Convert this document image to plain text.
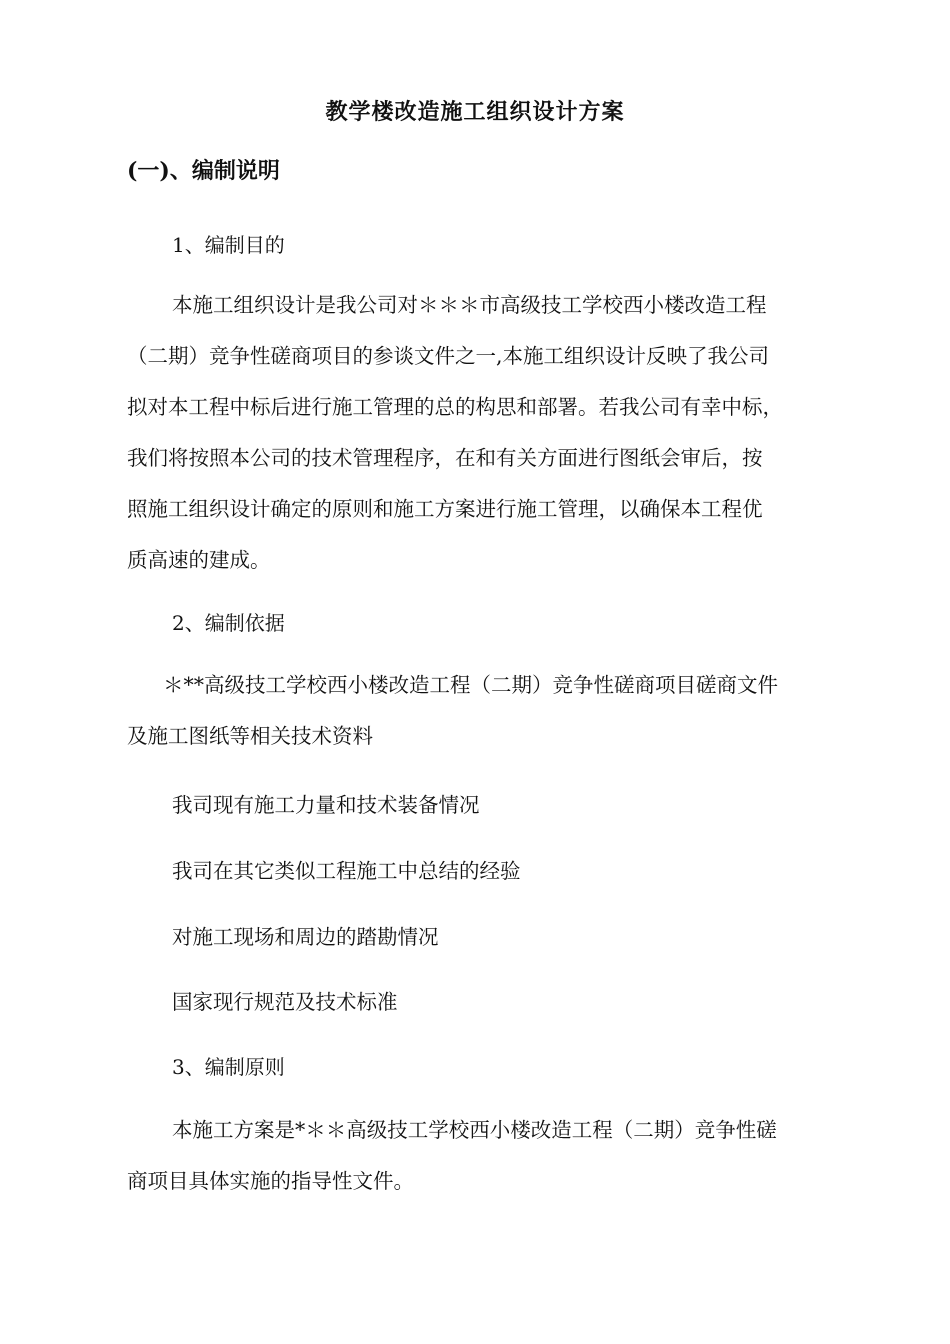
教学楼改造施工组织设计方案
(一)、编制说明
1、编制目的
本施工组织设计是我公司对＊＊＊市高级技工学校西小楼改造工程
（二期）竞争性磋商项目的参谈文件之一,本施工组织设计反映了我公司
拟对本工程中标后进行施工管理的总的构思和部署。若我公司有幸中标，
我们将按照本公司的技术管理程序，在和有关方面进行图纸会审后，按
照施工组织设计确定的原则和施工方案进行施工管理，以确保本工程优
质高速的建成。
2、编制依据
＊**高级技工学校西小楼改造工程（二期）竞争性磋商项目磋商文件
及施工图纸等相关技术资料
我司现有施工力量和技术装备情况
我司在其它类似工程施工中总结的经验
对施工现场和周边的踏勘情况
国家现行规范及技术标准
3、编制原则
本施工方案是*＊＊高级技工学校西小楼改造工程（二期）竞争性磋
商项目具体实施的指导性文件。
